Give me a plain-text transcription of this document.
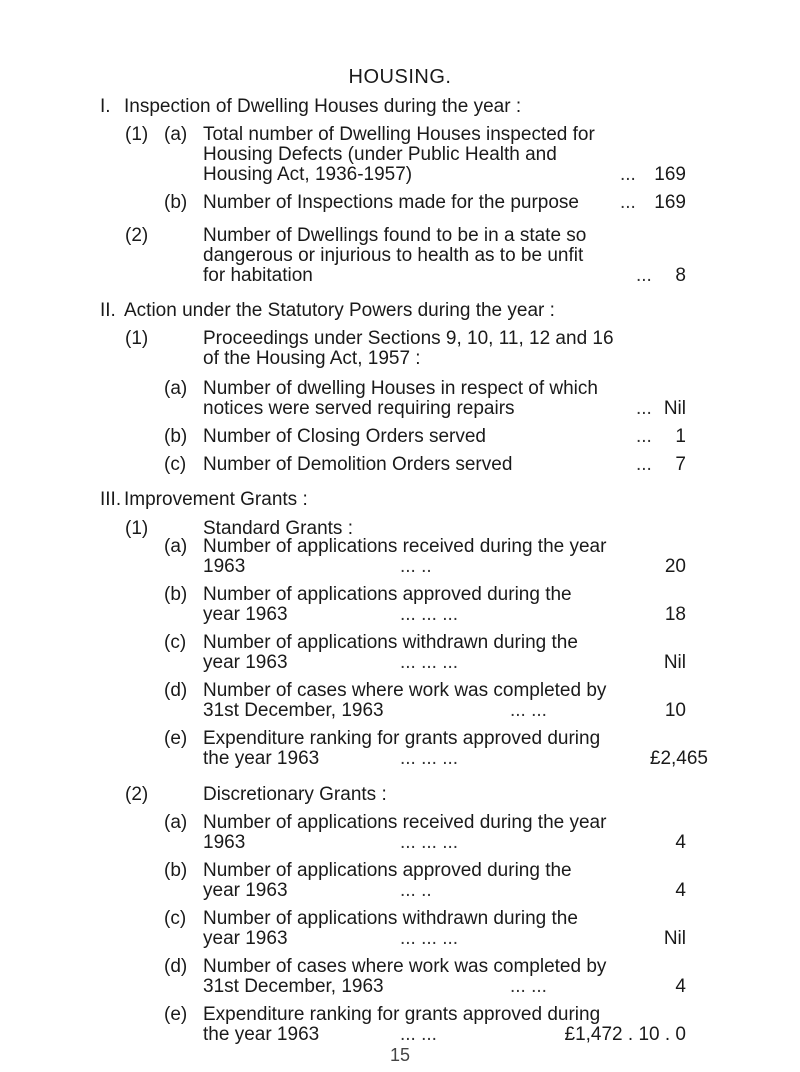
HOUSING.
I. Inspection of Dwelling Houses during the year :
(1) (a) Total number of Dwelling Houses inspected for
Housing Defects (under Public Health and
Housing Act, 1936-1957)	... 169
(b) Number of Inspections made for the purpose ... 169
(2)	Number of Dwellings found to be in a state so
dangerous or injurious to health as to be unfit
for habitation	... 8
II. Action under the Statutory Powers during the year :
(1)	Proceedings under Sections 9, 10, 11, 12 and 16
of the Housing Act, 1957 :
(a) Number of dwelling Houses in respect of which
notices were served requiring repairs	... Nil
(b) Number of Closing Orders served	... 1
(c) Number of Demolition Orders served	... 7
III. Improvement Grants :
(1)	Standard Grants :
(a) Number of applications received during the year
1963	... ..	20
(b) Number of applications approved during the
year 1963	... ... ...	18
(c) Number of applications withdrawn during the
year 1963	... ... ...	Nil
(d) Number of cases where work was completed by
31st December, 1963	... ...	10
(e) Expenditure ranking for grants approved during
the year 1963	... ... ...	£2,465
(2)	Discretionary Grants :
(a) Number of applications received during the year
1963	... ... ...	4
(b) Number of applications approved during the
year 1963	... ..	4
(c) Number of applications withdrawn during the
year 1963	... ... ...	Nil
(d) Number of cases where work was completed by
31st December, 1963	... ...	4
(e) Expenditure ranking for grants approved during
the year 1963	... ...	£1,472 . 10 . 0
15
